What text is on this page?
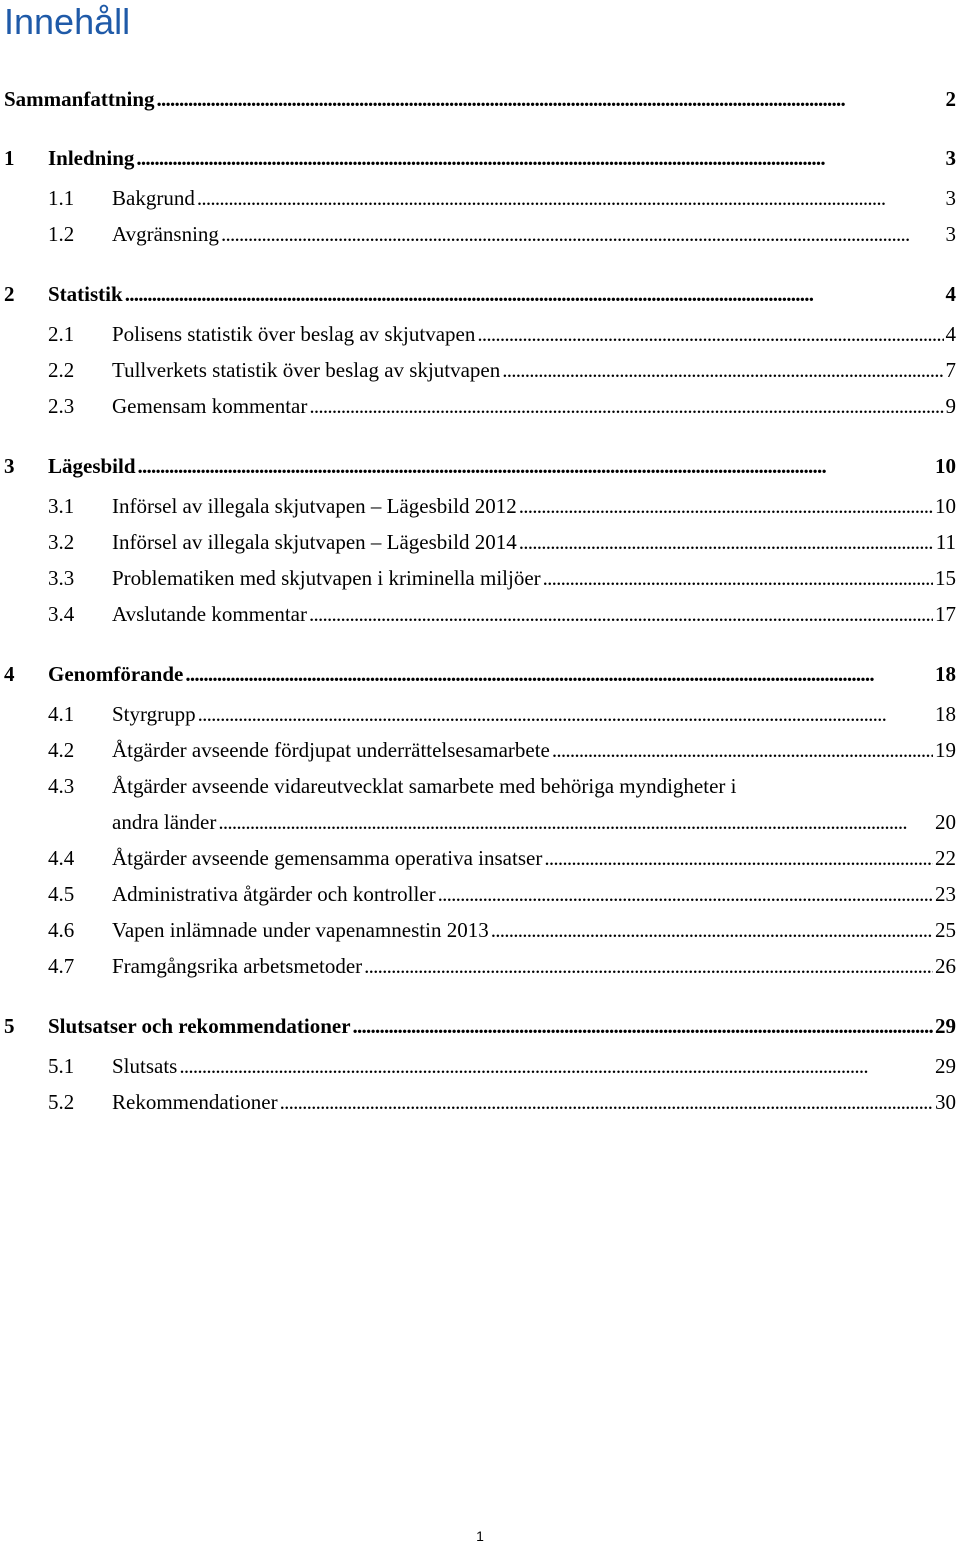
Innehåll
Sammanfattning . . .	2
1	Inledning . . .	3
1.1	Bakgrund . . .	3
1.2	Avgränsning . . .	3
2	Statistik . . .	4
2.1	Polisens statistik över beslag av skjutvapen . . .	4
2.2	Tullverkets statistik över beslag av skjutvapen . . .	7
2.3	Gemensam kommentar . . .	9
3	Lägesbild . . .	10
3.1	Införsel av illegala skjutvapen – Lägesbild 2012 . . .	10
3.2	Införsel av illegala skjutvapen – Lägesbild 2014 . . .	11
3.3	Problematiken med skjutvapen i kriminella miljöer . . .	15
3.4	Avslutande kommentar . . .	17
4	Genomförande . . .	18
4.1	Styrgrupp . . .	18
4.2	Åtgärder avseende fördjupat underrättelsesamarbete . . .	19
4.3 Åtgärder avseende vidareutvecklat samarbete med behöriga myndigheter i
andra länder . . .	20
4.4	Åtgärder avseende gemensamma operativa insatser . . .	22
4.5	Administrativa åtgärder och kontroller . . .	23
4.6	Vapen inlämnade under vapenamnestin 2013 . . .	25
4.7	Framgångsrika arbetsmetoder . . .	26
5	Slutsatser och rekommendationer . . .	29
5.1	Slutsats . . .	29
5.2	Rekommendationer . . .	30
1
